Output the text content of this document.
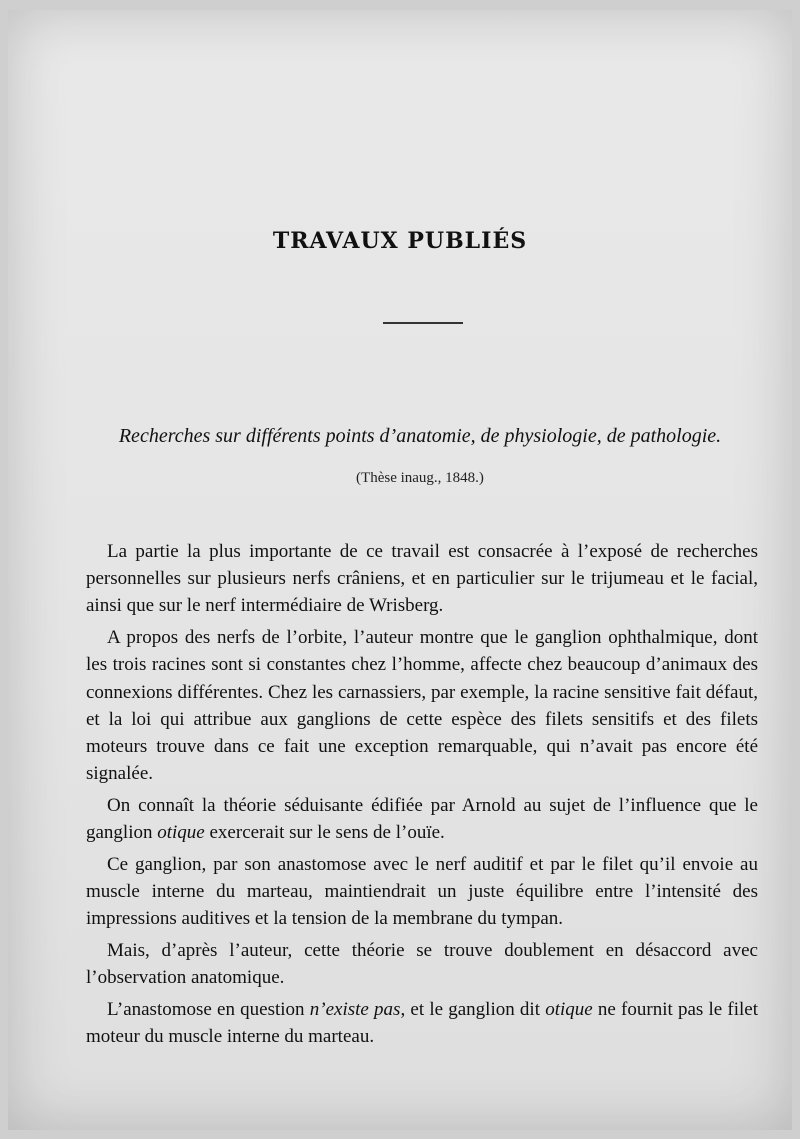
TRAVAUX PUBLIÉS
Recherches sur différents points d’anatomie, de physiologie, de pathologie.
(Thèse inaug., 1848.)

La partie la plus importante de ce travail est consacrée à l’exposé de recherches personnelles sur plusieurs nerfs crâniens, et en particulier sur le trijumeau et le facial, ainsi que sur le nerf intermédiaire de Wrisberg.

A propos des nerfs de l’orbite, l’auteur montre que le ganglion ophthalmique, dont les trois racines sont si constantes chez l’homme, affecte chez beaucoup d’animaux des connexions différentes. Chez les carnassiers, par exemple, la racine sensitive fait défaut, et la loi qui attribue aux ganglions de cette espèce des filets sensitifs et des filets moteurs trouve dans ce fait une exception remarquable, qui n’avait pas encore été signalée.

On connaît la théorie séduisante édifiée par Arnold au sujet de l’influence que le ganglion otique exercerait sur le sens de l’ouïe.

Ce ganglion, par son anastomose avec le nerf auditif et par le filet qu’il envoie au muscle interne du marteau, maintiendrait un juste équilibre entre l’intensité des impressions auditives et la tension de la membrane du tympan.

Mais, d’après l’auteur, cette théorie se trouve doublement en désaccord avec l’observation anatomique.

L’anastomose en question n’existe pas, et le ganglion dit otique ne fournit pas le filet moteur du muscle interne du marteau.
